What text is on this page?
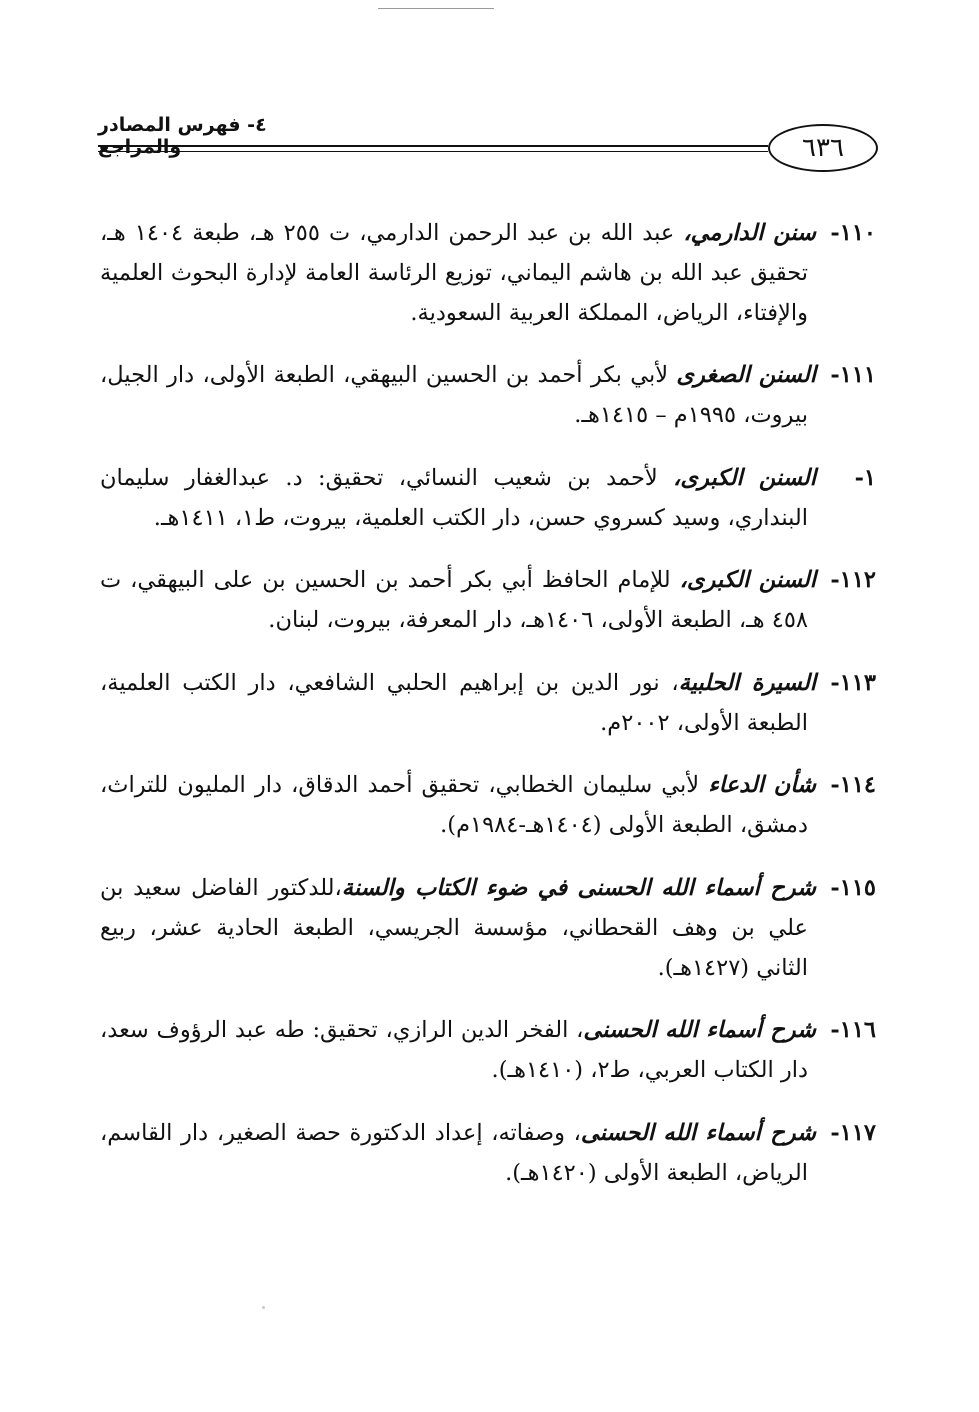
٦٣٦
٤- فهرس المصادر والمراجع

١١٠-سنن الدارمي، عبد الله بن عبد الرحمن الدارمي، ت ٢٥٥ هـ، طبعة ١٤٠٤ هـ، تحقيق عبد الله بن هاشم اليماني، توزيع الرئاسة العامة لإدارة البحوث العلمية والإفتاء، الرياض، المملكة العربية السعودية.

١١١-السنن الصغرى لأبي بكر أحمد بن الحسين البيهقي، الطبعة الأولى، دار الجيل، بيروت، ١٩٩٥م – ١٤١٥هـ.

١-السنن الكبرى، لأحمد بن شعيب النسائي، تحقيق: د. عبدالغفار سليمان البنداري، وسيد كسروي حسن، دار الكتب العلمية، بيروت، ط١، ١٤١١هـ.

١١٢-السنن الكبرى، للإمام الحافظ أبي بكر أحمد بن الحسين بن على البيهقي، ت ٤٥٨ هـ، الطبعة الأولى، ١٤٠٦هـ، دار المعرفة، بيروت، لبنان.

١١٣-السيرة الحلبية، نور الدين بن إبراهيم الحلبي الشافعي، دار الكتب العلمية، الطبعة الأولى، ٢٠٠٢م.

١١٤-شأن الدعاء لأبي سليمان الخطابي، تحقيق أحمد الدقاق، دار المليون للتراث، دمشق، الطبعة الأولى (١٤٠٤هـ-١٩٨٤م).

١١٥-شرح أسماء الله الحسنى في ضوء الكتاب والسنة،للدكتور الفاضل سعيد بن علي بن وهف القحطاني، مؤسسة الجريسي، الطبعة الحادية عشر، ربيع الثاني (١٤٢٧هـ).

١١٦-شرح أسماء الله الحسنى، الفخر الدين الرازي، تحقيق: طه عبد الرؤوف سعد، دار الكتاب العربي، ط٢، (١٤١٠هـ).

١١٧-شرح أسماء الله الحسنى، وصفاته، إعداد الدكتورة حصة الصغير، دار القاسم، الرياض، الطبعة الأولى (١٤٢٠هـ).
